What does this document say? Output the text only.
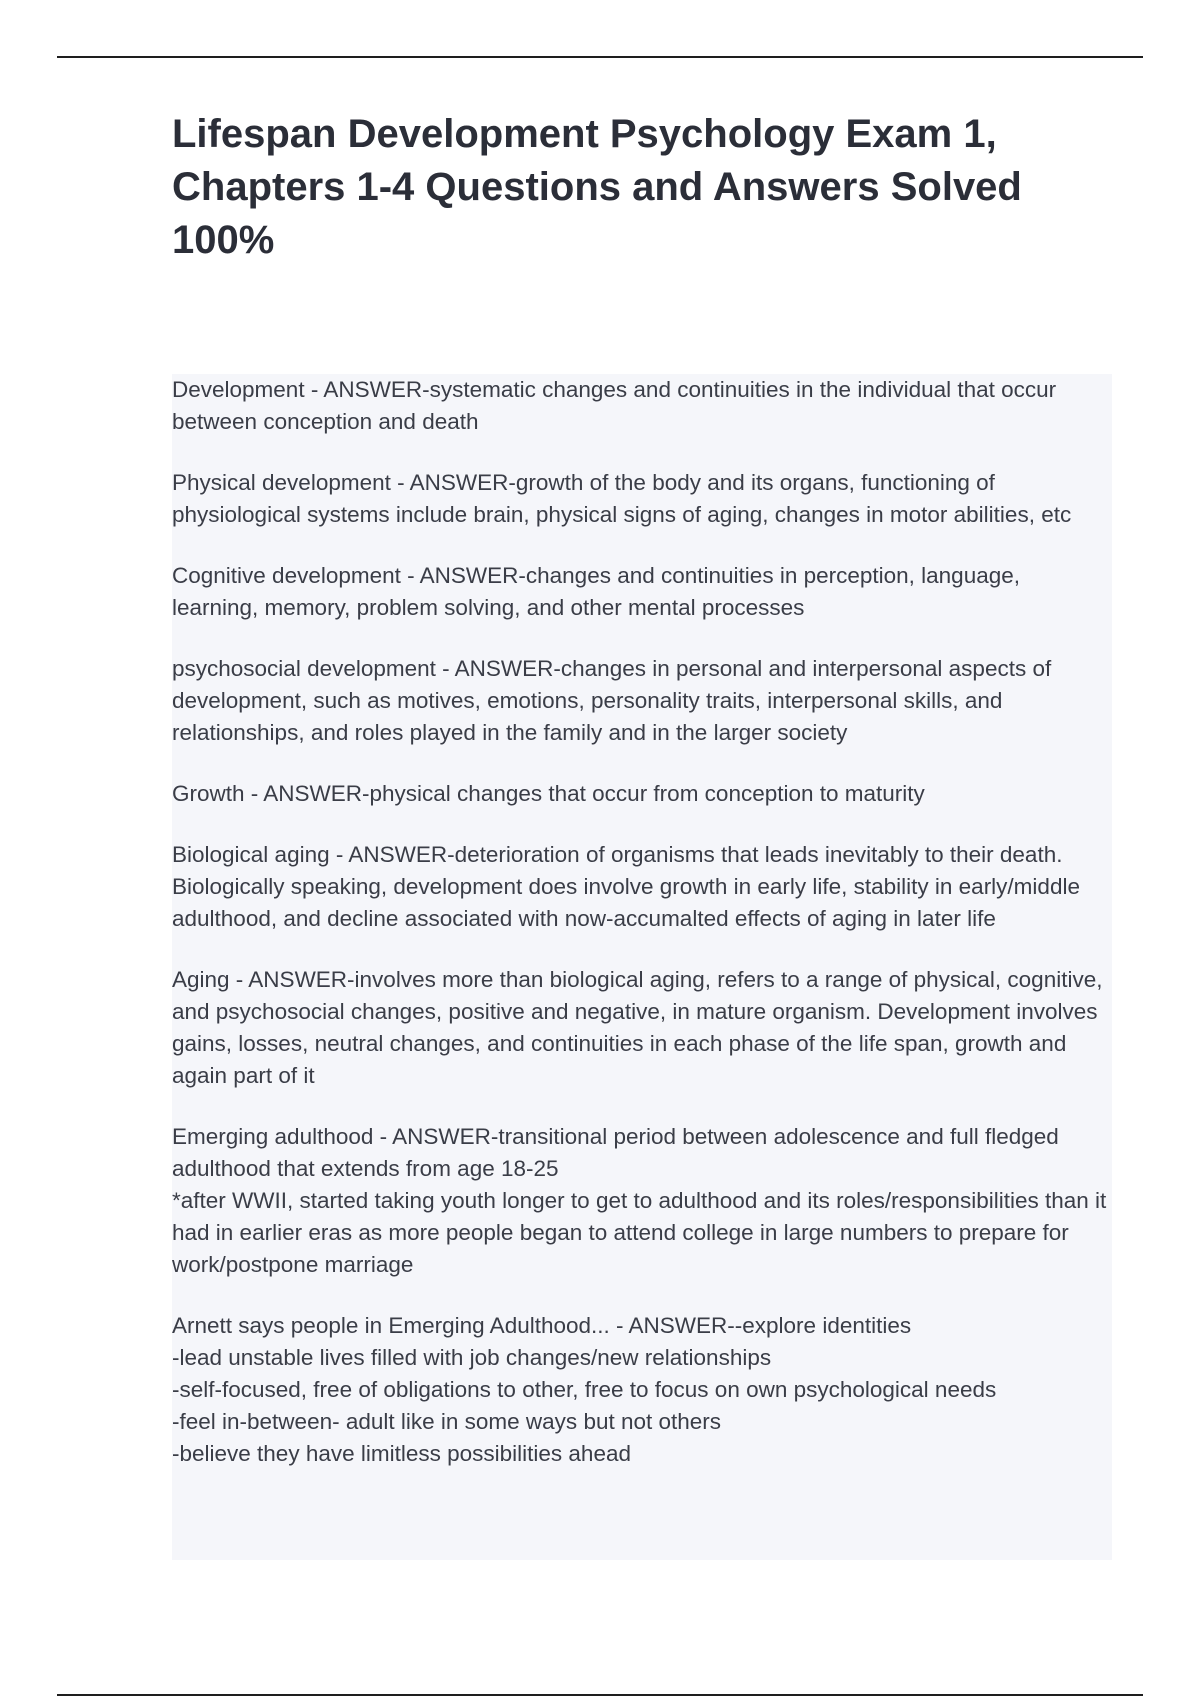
Lifespan Development Psychology Exam 1, Chapters 1-4 Questions and Answers Solved 100%
Development - ANSWER-systematic changes and continuities in the individual that occur between conception and death
Physical development - ANSWER-growth of the body and its organs, functioning of physiological systems include brain, physical signs of aging, changes in motor abilities, etc
Cognitive development - ANSWER-changes and continuities in perception, language, learning, memory, problem solving, and other mental processes
psychosocial development - ANSWER-changes in personal and interpersonal aspects of development, such as motives, emotions, personality traits, interpersonal skills, and relationships, and roles played in the family and in the larger society
Growth - ANSWER-physical changes that occur from conception to maturity
Biological aging - ANSWER-deterioration of organisms that leads inevitably to their death. Biologically speaking, development does involve growth in early life, stability in early/middle adulthood, and decline associated with now-accumalted effects of aging in later life
Aging - ANSWER-involves more than biological aging, refers to a range of physical, cognitive, and psychosocial changes, positive and negative, in mature organism. Development involves gains, losses, neutral changes, and continuities in each phase of the life span, growth and again part of it
Emerging adulthood - ANSWER-transitional period between adolescence and full fledged adulthood that extends from age 18-25
*after WWII, started taking youth longer to get to adulthood and its roles/responsibilities than it had in earlier eras as more people began to attend college in large numbers to prepare for work/postpone marriage
Arnett says people in Emerging Adulthood... - ANSWER--explore identities
-lead unstable lives filled with job changes/new relationships
-self-focused, free of obligations to other, free to focus on own psychological needs
-feel in-between- adult like in some ways but not others
-believe they have limitless possibilities ahead
